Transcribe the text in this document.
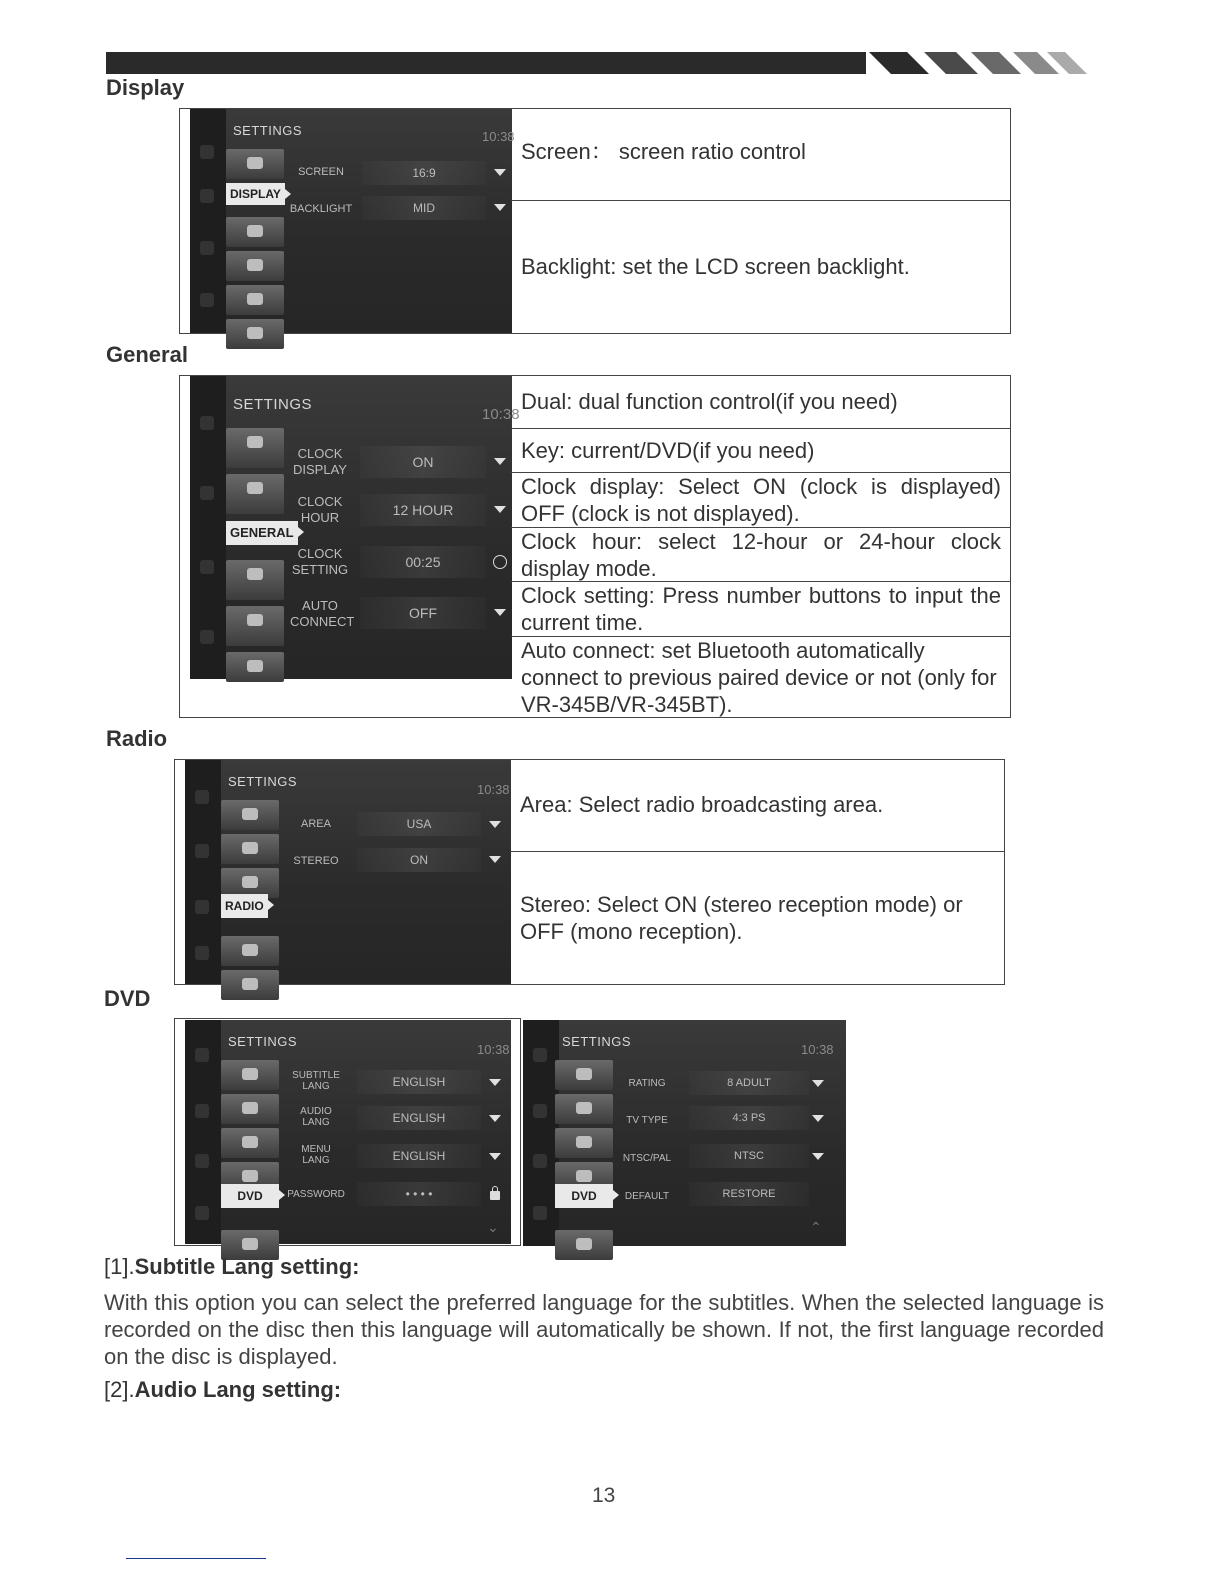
Display
SETTINGS	10:38
DISPLAY
SCREEN	16:9
BACKLIGHT	MID
Screen： screen ratio control
Backlight: set the LCD screen backlight.
General
SETTINGS
10:38
GENERAL
CLOCK
DISPLAY	ON
CLOCK
HOUR	12 HOUR
CLOCK
SETTING	00:25
AUTO
CONNECT
OFF
Dual: dual function control(if you need)
Key: current/DVD(if you need)
Clock display: Select ON (clock is displayed) OFF (clock is not displayed).
Clock hour: select 12-hour or 24-hour clock display mode.
Clock setting: Press number buttons to input the current time.
Auto connect: set Bluetooth automatically connect to previous paired device or not (only for VR-345B/VR-345BT).
Radio
SETTINGS
10:38
RADIO
AREA	USA
STEREO	ON
Area: Select radio broadcasting area.
Stereo: Select ON (stereo reception mode) or OFF (mono reception).
DVD
SETTINGS
10:38
DVD
SUBTITLE
LANG	ENGLISH
AUDIO
LANG	ENGLISH
MENU
LANG	ENGLISH
PASSWORD	• • • •
⌄
SETTINGS
10:38
DVD
RATING	8 ADULT
TV TYPE	4:3 PS
NTSC/PAL	NTSC
DEFAULT	RESTORE
⌃
[1].Subtitle Lang setting:
With this option you can select the preferred language for the subtitles. When the selected language is recorded on the disc then this language will automatically be shown. If not, the first language recorded on the disc is displayed.
[2].Audio Lang setting:
13
